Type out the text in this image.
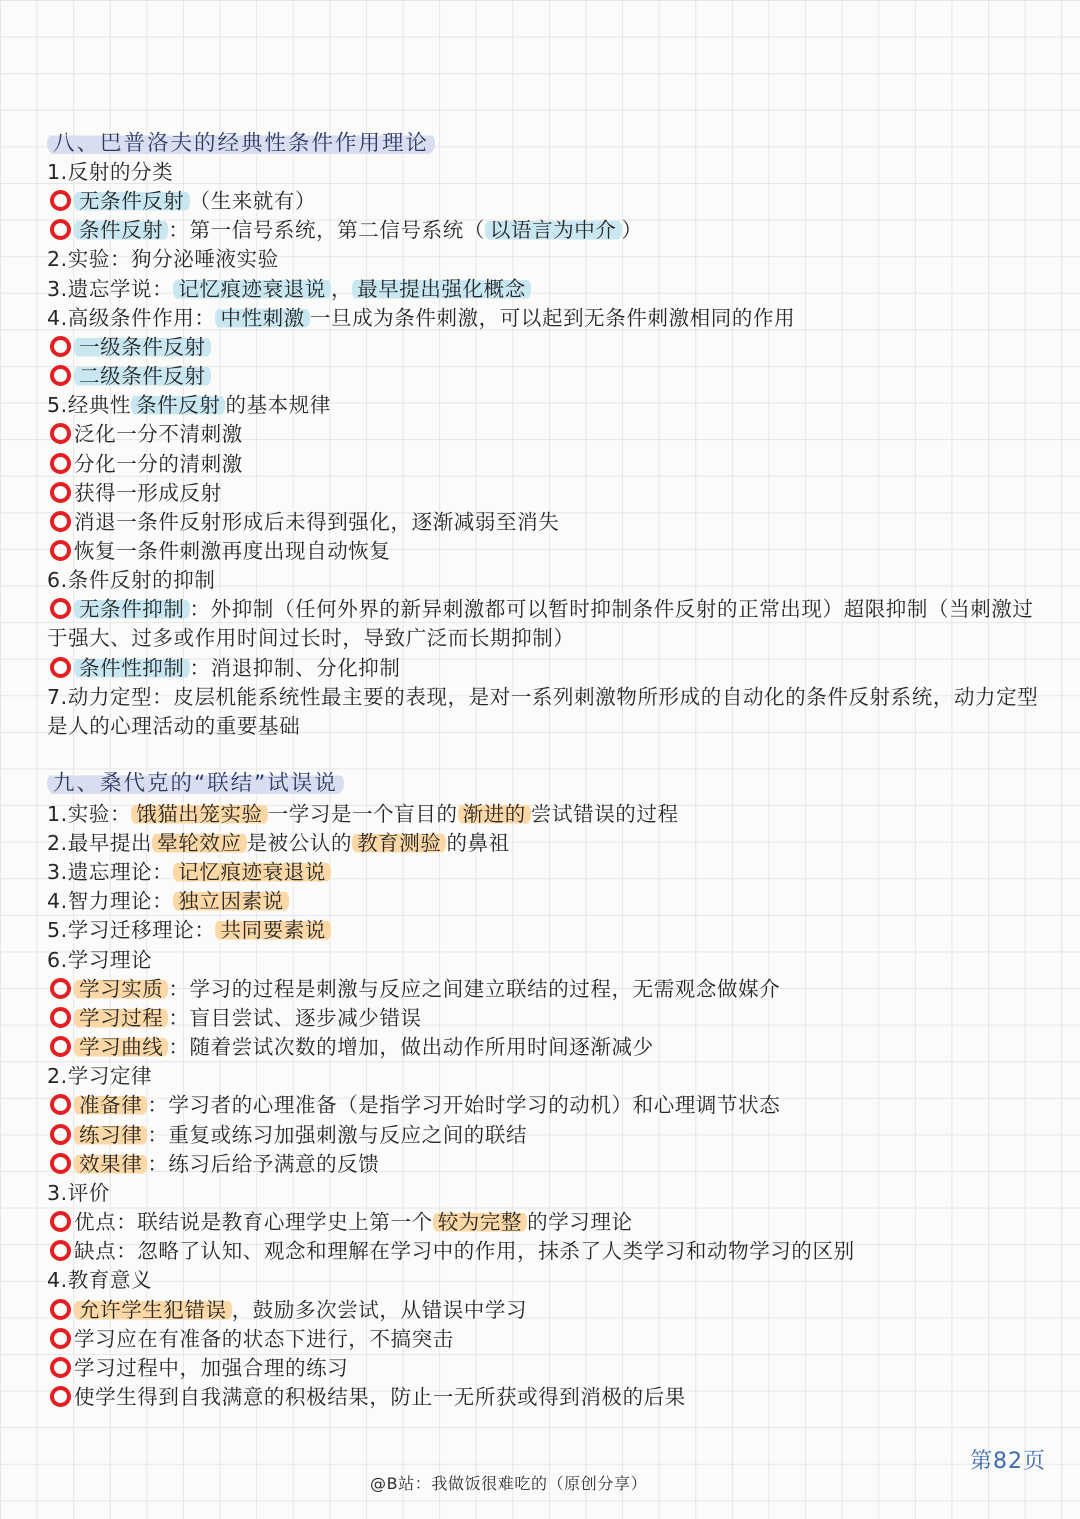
八、巴普洛夫的经典性条件作用理论
1.反射的分类
无条件反射 （生来就有）
条件反射 ：第一信号系统，第二信号系统（ 以语言为中介 ）
2.实验：狗分泌唾液实验
3.遗忘学说： 记忆痕迹衰退说 ， 最早提出强化概念
4.高级条件作用： 中性刺激 一旦成为条件刺激，可以起到无条件刺激相同的作用
一级条件反射
二级条件反射
5.经典性 条件反射 的基本规律
泛化一分不清刺激
分化一分的清刺激
获得一形成反射
消退一条件反射形成后未得到强化，逐渐减弱至消失
恢复一条件刺激再度出现自动恢复
6.条件反射的抑制
无条件抑制 ：外抑制（任何外界的新异刺激都可以暂时抑制条件反射的正常出现）超限抑制（当刺激过于强大、过多或作用时间过长时，导致广泛而长期抑制）
条件性抑制 ：消退抑制、分化抑制
7.动力定型：皮层机能系统性最主要的表现，是对一系列刺激物所形成的自动化的条件反射系统，动力定型是人的心理活动的重要基础
九、桑代克的“联结”试误说
1.实验： 饿猫出笼实验 一学习是一个盲目的 渐进的 尝试错误的过程
2.最早提出 晕轮效应 是被公认的 教育测验 的鼻祖
3.遗忘理论： 记忆痕迹衰退说
4.智力理论： 独立因素说
5.学习迁移理论： 共同要素说
6.学习理论
学习实质 ：学习的过程是刺激与反应之间建立联结的过程，无需观念做媒介
学习过程 ：盲目尝试、逐步减少错误
学习曲线 ：随着尝试次数的增加，做出动作所用时间逐渐减少
2.学习定律
准备律 ：学习者的心理准备（是指学习开始时学习的动机）和心理调节状态
练习律 ：重复或练习加强刺激与反应之间的联结
效果律 ：练习后给予满意的反馈
3.评价
优点：联结说是教育心理学史上第一个 较为完整 的学习理论
缺点：忽略了认知、观念和理解在学习中的作用，抹杀了人类学习和动物学习的区别
4.教育意义
允许学生犯错误 ，鼓励多次尝试，从错误中学习
学习应在有准备的状态下进行，不搞突击
学习过程中，加强合理的练习
使学生得到自我满意的积极结果，防止一无所获或得到消极的后果
第82页
@B站：我做饭很难吃的（原创分享）
